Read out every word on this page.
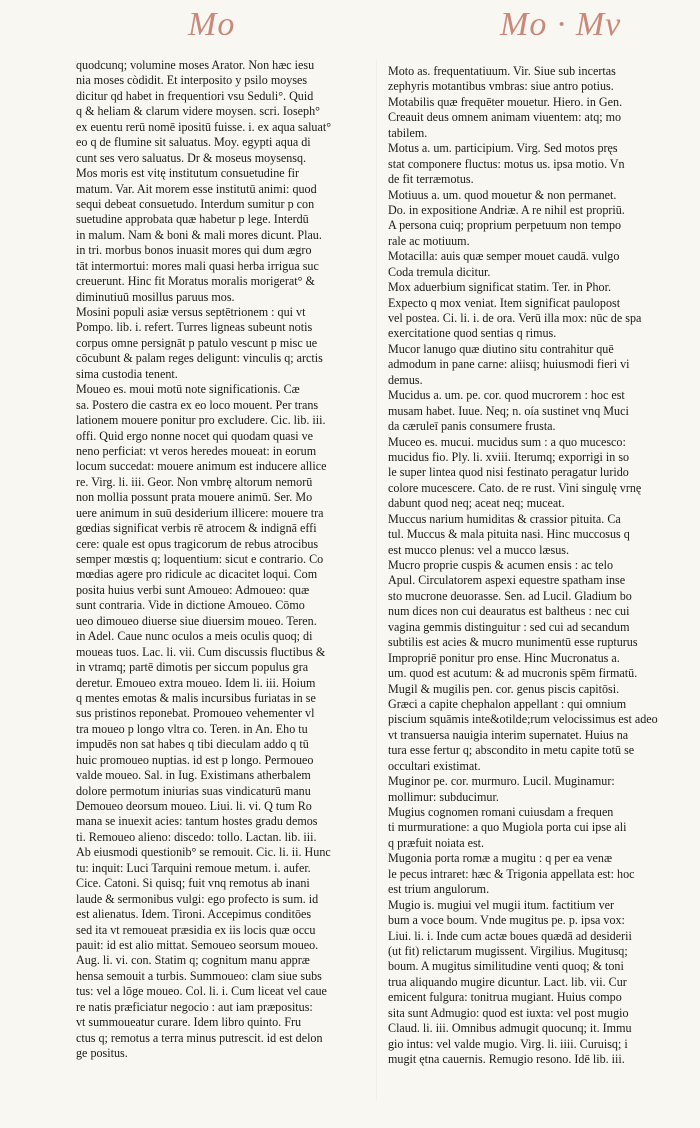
Mo	Mo · Mv
quodcunq; volumine moses Arator. Non hæc iesu
nia moses còdidit. Et interposito y psilo moyses
dicitur qd habet in frequentiori vsu Seduli°. Quid
q & heliam & clarum videre moysen. scri. Ioseph°
ex euentu rerū nomē ipositū fuisse. i. ex aqua saluat°
eo q de flumine sit saluatus. Moy. egypti aqua di
cunt ses vero saluatus. Dr & moseus moysensq.
Mos moris est vitę institutum consuetudine fir
matum. Var. Ait morem esse institutū animi: quod
sequi debeat consuetudo. Interdum sumitur p con
suetudine approbata quæ habetur p lege. Interdū
in malum. Nam & boni & mali mores dicunt. Plau.
in tri. morbus bonos inuasit mores qui dum ægro
tāt intermortui: mores mali quasi herba irrigua suc
creuerunt. Hinc fit Moratus moralis morigerat° &
diminutiuū mosillus paruus mos.
Mosini populi asiæ versus septētrionem : qui vt
Pompo. lib. i. refert. Turres ligneas subeunt notis
corpus omne persignāt p patulo vescunt p misc ue
cōcubunt & palam reges deligunt: vinculis q; arctis
sima custodia tenent.
Moueo es. moui motū note significationis. Cæ
sa. Postero die castra ex eo loco mouent. Per trans
lationem mouere ponitur pro excludere. Cic. lib. iii.
offi. Quid ergo nonne nocet qui quodam quasi ve
neno perficiat: vt veros heredes moueat: in eorum
locum succedat: mouere animum est inducere allice
re. Virg. li. iii. Geor. Non vmbrę altorum nemorū
non mollia possunt prata mouere animū. Ser. Mo
uere animum in suū desiderium illicere: mouere tra
gœdias significat verbis rē atrocem & indignā effi
cere: quale est opus tragicorum de rebus atrocibus
semper mœstis q; loquentium: sicut e contrario. Co
mœdias agere pro ridicule ac dicacitet loqui. Com
posita huius verbi sunt Amoueo: Admoueo: quæ
sunt contraria. Vide in dictione Amoueo. Cōmo
ueo dimoueo diuerse siue diuersim moueo. Teren.
in Adel. Caue nunc oculos a meis oculis quoq; di
moueas tuos. Lac. li. vii. Cum discussis fluctibus &
in vtramq; partē dimotis per siccum populus gra
deretur. Emoueo extra moueo. Idem li. iii. Hoium
q mentes emotas & malis incursibus furiatas in se
sus pristinos reponebat. Promoueo vehementer vl
tra moueo p longo vltra co. Teren. in An. Eho tu
impudēs non sat habes q tibi dieculam addo q tū
huic promoueo nuptias. id est p longo. Permoueo
valde moueo. Sal. in Iug. Existimans atherbalem
dolore permotum iniurias suas vindicaturū manu
Demoueo deorsum moueo. Liui. li. vi. Q tum Ro
mana se inuexit acies: tantum hostes gradu demos
ti. Remoueo alieno: discedo: tollo. Lactan. lib. iii.
Ab eiusmodi questionib° se remouit. Cic. li. ii. Hunc
tu: inquit: Luci Tarquini remoue metum. i. aufer.
Cice. Catoni. Si quisq; fuit vnq remotus ab inani
laude & sermonibus vulgi: ego profecto is sum. id
est alienatus. Idem. Tironi. Accepimus conditōes
sed ita vt remoueat præsidia ex iis locis quæ occu
pauit: id est alio mittat. Semoueo seorsum moueo.
Aug. li. vi. con. Statim q; cognitum manu appræ
hensa semouit a turbis. Summoueo: clam siue subs
tus: vel a lōge moueo. Col. li. i. Cum liceat vel caue
re natis præficiatur negocio : aut iam præpositus:
vt summoueatur curare. Idem libro quinto. Fru
ctus q; remotus a terra minus putrescit. id est delon
ge positus.
Moto as. frequentatiuum. Vir. Siue sub incertas
zephyris motantibus vmbras: siue antro potius.
Motabilis quæ frequēter mouetur. Hiero. in Gen.
Creauit deus omnem animam viuentem: atq; mo
tabilem.
Motus a. um. participium. Virg. Sed motos pręs
stat componere fluctus: motus us. ipsa motio. Vn
de fit terræmotus.
Motiuus a. um. quod mouetur & non permanet.
Do. in expositione Andriæ. A re nihil est propriū.
A persona cuiq; proprium perpetuum non tempo
rale ac motiuum.
Motacilla: auis quæ semper mouet caudā. vulgo
Coda tremula dicitur.
Mox aduerbium significat statim. Ter. in Phor.
Expecto q mox veniat. Item significat paulopost
vel postea. Ci. li. i. de ora. Verū illa mox: nūc de spa
exercitatione quod sentias q rimus.
Mucor lanugo quæ diutino situ contrahitur quē
admodum in pane carne: aliisq; huiusmodi fieri vi
demus.
Mucidus a. um. pe. cor. quod mucrorem : hoc est
musam habet. Iuue. Neq; n. oía sustinet vnq Muci
da cæruleī panis consumere frusta.
Muceo es. mucui. mucidus sum : a quo mucesco:
mucidus fio. Ply. li. xviii. Iterumq; exporrigi in so
le super lintea quod nisi festinato peragatur lurido
colore mucescere. Cato. de re rust. Vini singulę vrnę
dabunt quod neq; aceat neq; muceat.
Muccus narium humiditas & crassior pituita. Ca
tul. Muccus & mala pituita nasi. Hinc muccosus q
est mucco plenus: vel a mucco læsus.
Mucro proprie cuspis & acumen ensis : ac telo
Apul. Circulatorem aspexi equestre spatham inse
sto mucrone deuorasse. Sen. ad Lucil. Gladium bo
num dices non cui deauratus est baltheus : nec cui
vagina gemmis distinguitur : sed cui ad secandum
subtilis est acies & mucro munimentū esse rupturus
Impropriē ponitur pro ense. Hinc Mucronatus a.
um. quod est acutum: & ad mucronis spēm firmatū.
Mugil & mugilis pen. cor. genus piscis capitōsi.
Græci a capite chephalon appellant : qui omnium
piscium squāmis inte&otilde;rum velocissimus est adeo
vt transuersa nauigia interim supernatet. Huius na
tura esse fertur q; abscondito in metu capite totū se
occultari existimat.
Muginor pe. cor. murmuro. Lucil. Muginamur:
mollimur: subducimur.
Mugius cognomen romani cuiusdam a frequen
ti murmuratione: a quo Mugiola porta cui ipse ali
q præfuit noiata est.
Mugonia porta romæ a mugitu : q per ea venæ
le pecus intraret: hæc & Trigonia appellata est: hoc
est trium angulorum.
Mugio is. mugiui vel mugii itum. factitium ver
bum a voce boum. Vnde mugitus pe. p. ipsa vox:
Liui. li. i. Inde cum actæ boues quædā ad desiderii
(ut fit) relictarum mugissent. Virgilius. Mugitusq;
boum. A mugitus similitudine venti quoq; & toni
trua aliquando mugire dicuntur. Lact. lib. vii. Cur
emicent fulgura: tonitrua mugiant. Huius compo
sita sunt Admugio: quod est iuxta: vel post mugio
Claud. li. iii. Omnibus admugit quocunq; it. Immu
gio intus: vel valde mugio. Virg. li. iiii. Curuisq; i
mugit ętna cauernis. Remugio resono. Idē lib. iii.
